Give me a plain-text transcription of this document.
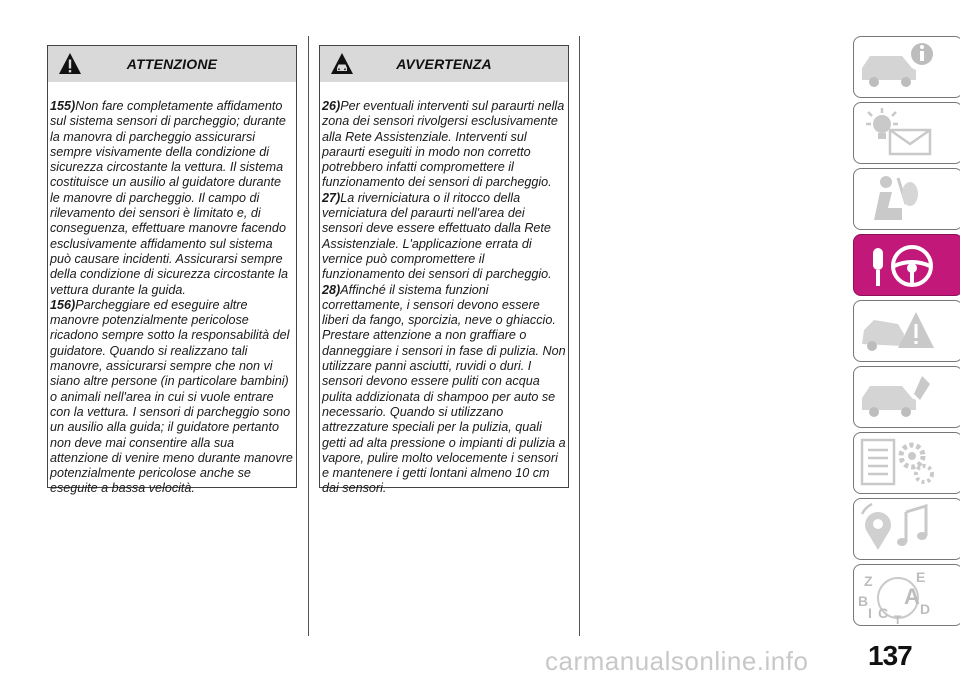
ATTENZIONE

155)Non fare completamente affidamento sul sistema sensori di parcheggio; durante la manovra di parcheggio assicurarsi sempre visivamente della condizione di sicurezza circostante la vettura. Il sistema costituisce un ausilio al guidatore durante le manovre di parcheggio. Il campo di rilevamento dei sensori è limitato e, di conseguenza, effettuare manovre facendo esclusivamente affidamento sul sistema può causare incidenti. Assicurarsi sempre della condizione di sicurezza circostante la vettura durante la guida.

156)Parcheggiare ed eseguire altre manovre potenzialmente pericolose ricadono sempre sotto la responsabilità del guidatore. Quando si realizzano tali manovre, assicurarsi sempre che non vi siano altre persone (in particolare bambini) o animali nell'area in cui si vuole entrare con la vettura. I sensori di parcheggio sono un ausilio alla guida; il guidatore pertanto non deve mai consentire alla sua attenzione di venire meno durante manovre potenzialmente pericolose anche se eseguite a bassa velocità.

AVVERTENZA

26)Per eventuali interventi sul paraurti nella zona dei sensori rivolgersi esclusivamente alla Rete Assistenziale. Interventi sul paraurti eseguiti in modo non corretto potrebbero infatti compromettere il funzionamento dei sensori di parcheggio.

27)La riverniciatura o il ritocco della verniciatura del paraurti nell'area dei sensori deve essere effettuato dalla Rete Assistenziale. L'applicazione errata di vernice può compromettere il funzionamento dei sensori di parcheggio.

28)Affinché il sistema funzioni correttamente, i sensori devono essere liberi da fango, sporcizia, neve o ghiaccio. Prestare attenzione a non graffiare o danneggiare i sensori in fase di pulizia. Non utilizzare panni asciutti, ruvidi o duri. I sensori devono essere puliti con acqua pulita addizionata di shampoo per auto se necessario. Quando si utilizzano attrezzature speciali per la pulizia, quali getti ad alta pressione o impianti di pulizia a vapore, pulire molto velocemente i sensori e mantenere i getti lontani almeno 10 cm dai sensori.

Z	E
B A
C D
I T
137
carmanualsonline.info
